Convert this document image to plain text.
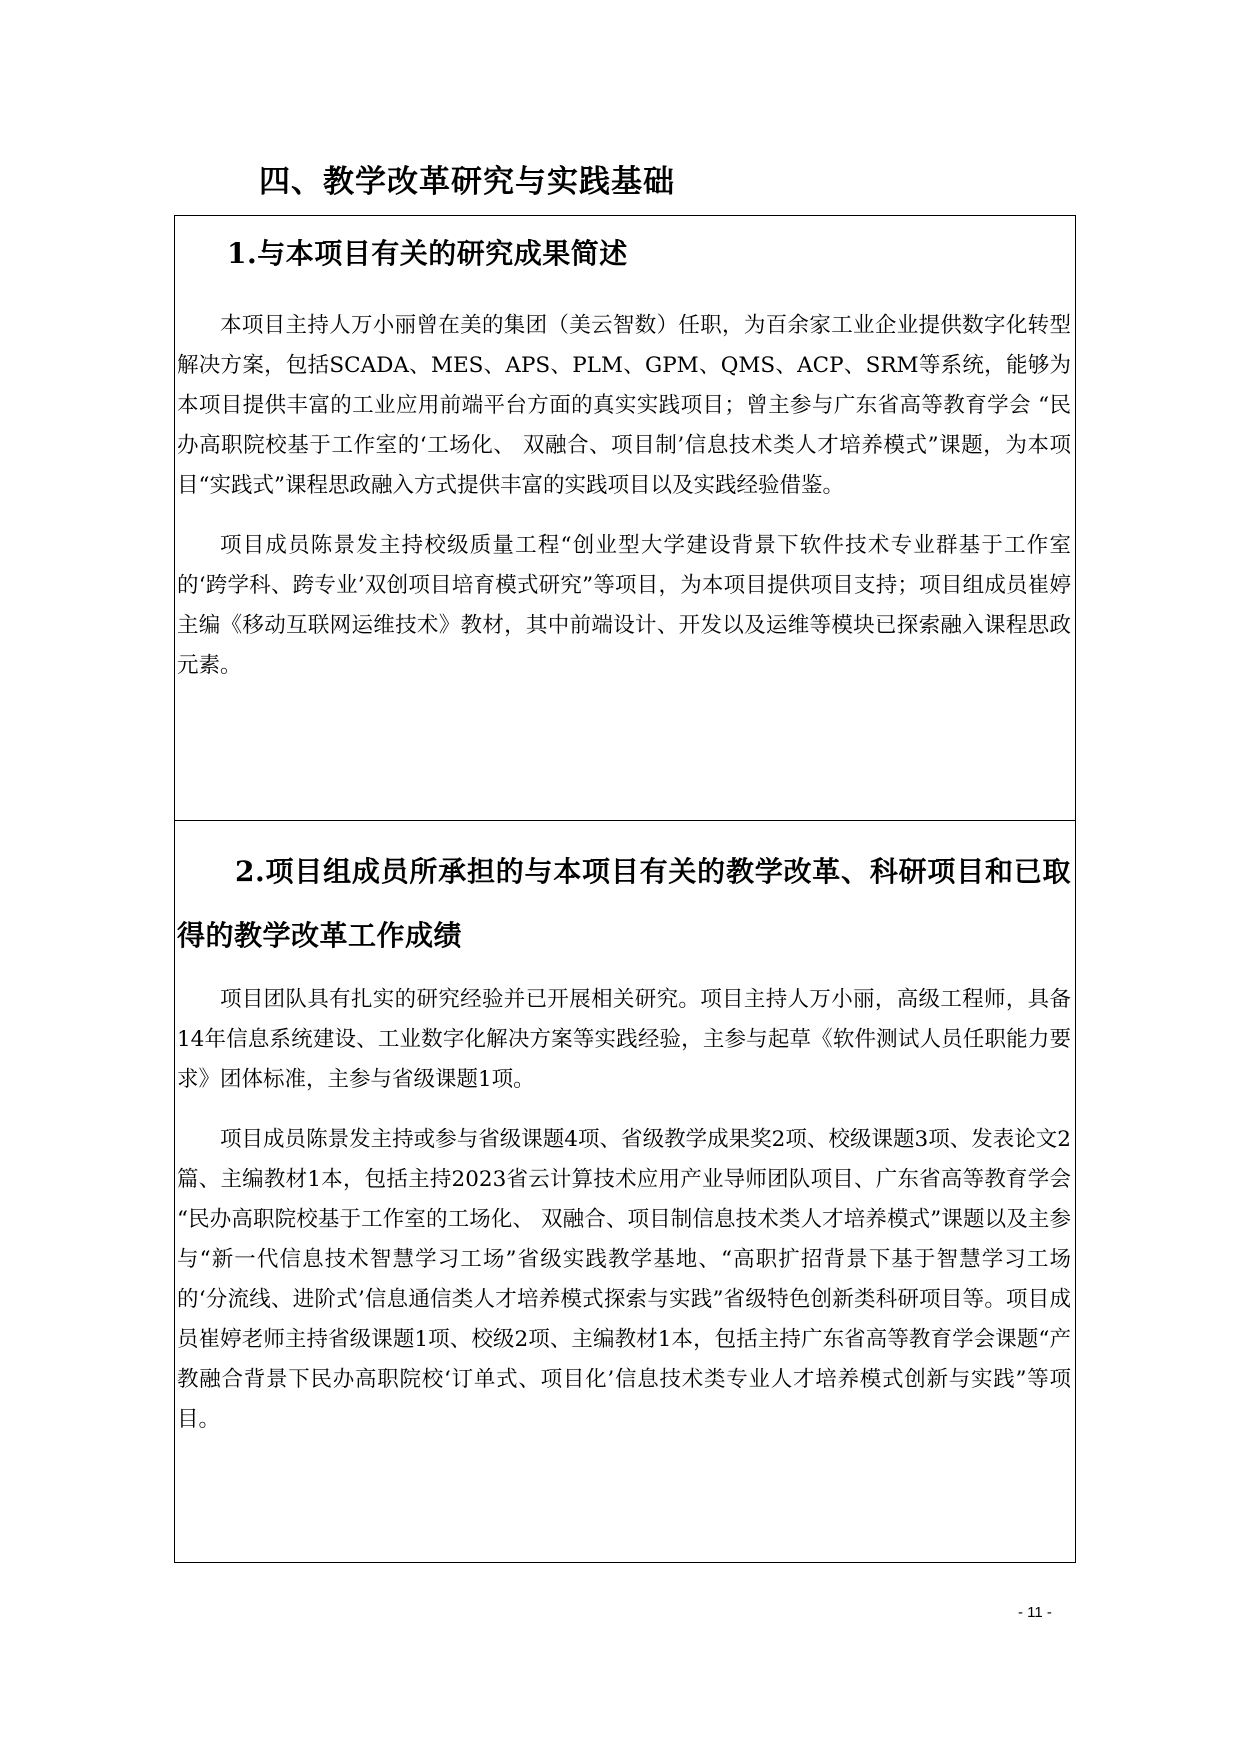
四、教学改革研究与实践基础

1.与本项目有关的研究成果简述

本项目主持人万小丽曾在美的集团（美云智数）任职，为百余家工业企业提供数字化转型解决方案，包括SCADA、MES、APS、PLM、GPM、QMS、ACP、SRM等系统，能够为本项目提供丰富的工业应用前端平台方面的真实实践项目；曾主参与广东省高等教育学会 “民办高职院校基于工作室的‘工场化、 双融合、项目制’信息技术类人才培养模式”课题，为本项目“实践式”课程思政融入方式提供丰富的实践项目以及实践经验借鉴。

项目成员陈景发主持校级质量工程“创业型大学建设背景下软件技术专业群基于工作室的‘跨学科、跨专业’双创项目培育模式研究”等项目，为本项目提供项目支持；项目组成员崔婷主编《移动互联网运维技术》教材，其中前端设计、开发以及运维等模块已探索融入课程思政元素。

2.项目组成员所承担的与本项目有关的教学改革、科研项目和已取得的教学改革工作成绩

项目团队具有扎实的研究经验并已开展相关研究。项目主持人万小丽，高级工程师，具备14年信息系统建设、工业数字化解决方案等实践经验，主参与起草《软件测试人员任职能力要求》团体标准，主参与省级课题1项。

项目成员陈景发主持或参与省级课题4项、省级教学成果奖2项、校级课题3项、发表论文2篇、主编教材1本，包括主持2023省云计算技术应用产业导师团队项目、广东省高等教育学会 “民办高职院校基于工作室的工场化、 双融合、项目制信息技术类人才培养模式”课题以及主参与“新一代信息技术智慧学习工场”省级实践教学基地、“高职扩招背景下基于智慧学习工场的‘分流线、进阶式’信息通信类人才培养模式探索与实践”省级特色创新类科研项目等。项目成员崔婷老师主持省级课题1项、校级2项、主编教材1本，包括主持广东省高等教育学会课题“产教融合背景下民办高职院校‘订单式、项目化’信息技术类专业人才培养模式创新与实践”等项目。

- 11 -
